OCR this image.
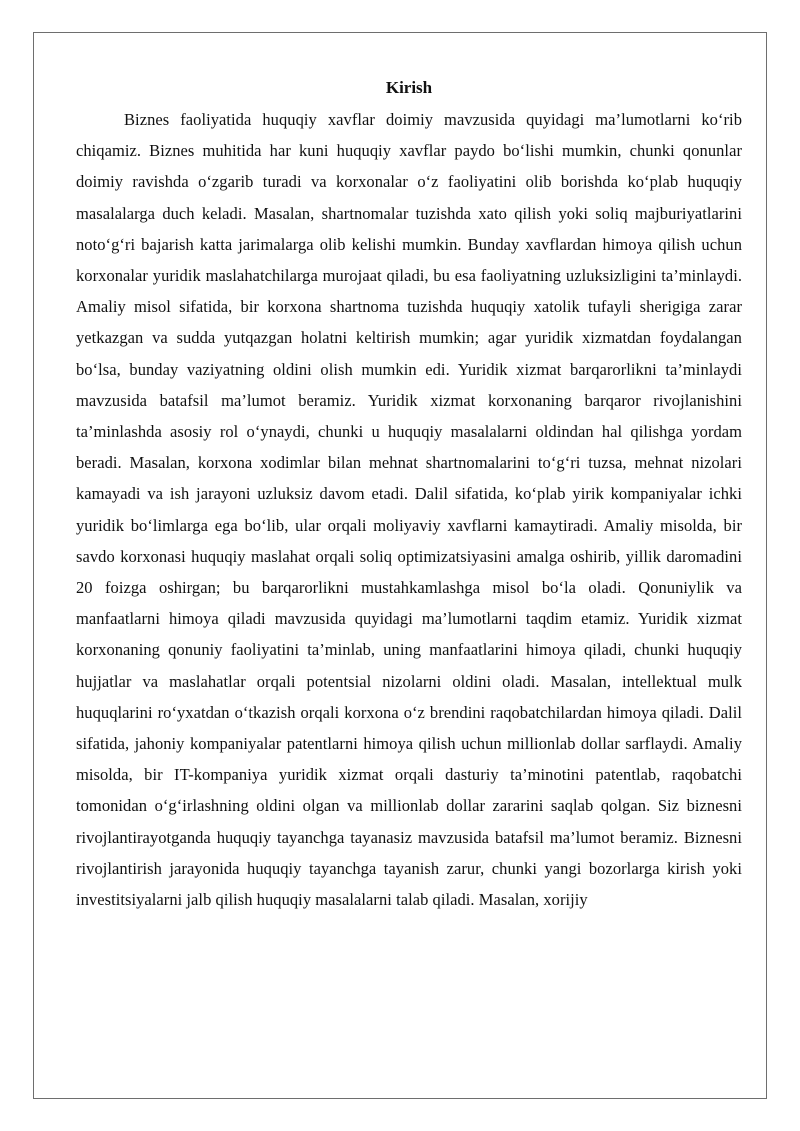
Kirish

Biznes faoliyatida huquqiy xavflar doimiy mavzusida quyidagi ma’lumotlarni ko‘rib chiqamiz. Biznes muhitida har kuni huquqiy xavflar paydo bo‘lishi mumkin, chunki qonunlar doimiy ravishda o‘zgarib turadi va korxonalar o‘z faoliyatini olib borishda ko‘plab huquqiy masalalarga duch keladi. Masalan, shartnomalar tuzishda xato qilish yoki soliq majburiyatlarini noto‘g‘ri bajarish katta jarimalarga olib kelishi mumkin. Bunday xavflardan himoya qilish uchun korxonalar yuridik maslahatchilarga murojaat qiladi, bu esa faoliyatning uzluksizligini ta’minlaydi. Amaliy misol sifatida, bir korxona shartnoma tuzishda huquqiy xatolik tufayli sherigiga zarar yetkazgan va sudda yutqazgan holatni keltirish mumkin; agar yuridik xizmatdan foydalangan bo‘lsa, bunday vaziyatning oldini olish mumkin edi. Yuridik xizmat barqarorlikni ta’minlaydi mavzusida batafsil ma’lumot beramiz. Yuridik xizmat korxonaning barqaror rivojlanishini ta’minlashda asosiy rol o‘ynaydi, chunki u huquqiy masalalarni oldindan hal qilishga yordam beradi. Masalan, korxona xodimlar bilan mehnat shartnomalarini to‘g‘ri tuzsa, mehnat nizolari kamayadi va ish jarayoni uzluksiz davom etadi. Dalil sifatida, ko‘plab yirik kompaniyalar ichki yuridik bo‘limlarga ega bo‘lib, ular orqali moliyaviy xavflarni kamaytiradi. Amaliy misolda, bir savdo korxonasi huquqiy maslahat orqali soliq optimizatsiyasini amalga oshirib, yillik daromadini 20 foizga oshirgan; bu barqarorlikni mustahkamlashga misol bo‘la oladi. Qonuniylik va manfaatlarni himoya qiladi mavzusida quyidagi ma’lumotlarni taqdim etamiz. Yuridik xizmat korxonaning qonuniy faoliyatini ta’minlab, uning manfaatlarini himoya qiladi, chunki huquqiy hujjatlar va maslahatlar orqali potentsial nizolarni oldini oladi. Masalan, intellektual mulk huquqlarini ro‘yxatdan o‘tkazish orqali korxona o‘z brendini raqobatchilardan himoya qiladi. Dalil sifatida, jahoniy kompaniyalar patentlarni himoya qilish uchun millionlab dollar sarflaydi. Amaliy misolda, bir IT-kompaniya yuridik xizmat orqali dasturiy ta’minotini patentlab, raqobatchi tomonidan o‘g‘irlashning oldini olgan va millionlab dollar zararini saqlab qolgan. Siz biznesni rivojlantirayotganda huquqiy tayanchga tayanasiz mavzusida batafsil ma’lumot beramiz. Biznesni rivojlantirish jarayonida huquqiy tayanchga tayanish zarur, chunki yangi bozorlarga kirish yoki investitsiyalarni jalb qilish huquqiy masalalarni talab qiladi. Masalan, xorijiy
